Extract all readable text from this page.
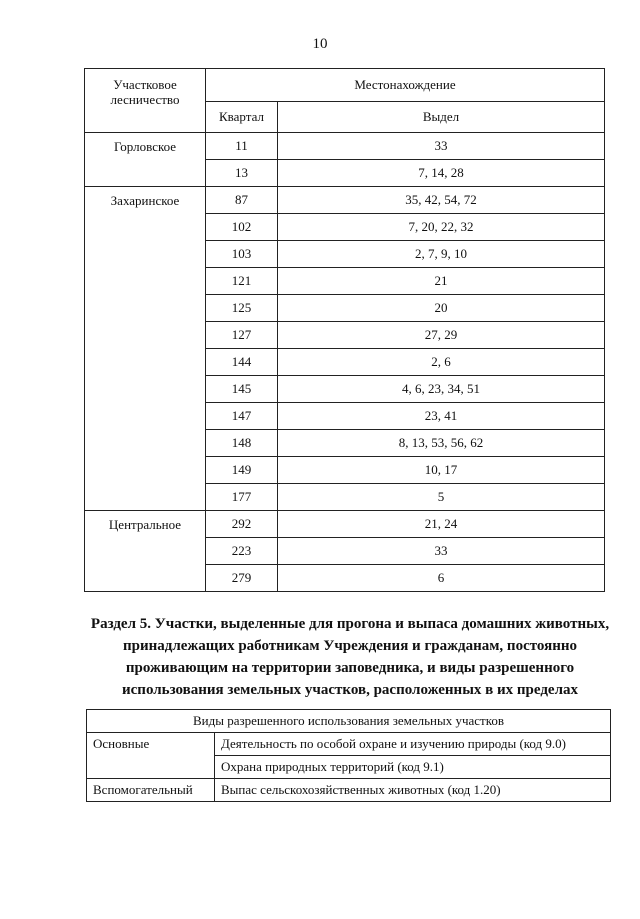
10
Участковое лесничество	Местонахождение	
	Квартал	Выдел
Горловское	11	33
	13	7, 14, 28
Захаринское	87	35, 42, 54, 72
	102	7, 20, 22, 32
	103	2, 7, 9, 10
	121	21
	125	20
	127	27, 29
	144	2, 6
	145	4, 6, 23, 34, 51
	147	23, 41
	148	8, 13, 53, 56, 62
	149	10, 17
	177	5
Центральное	292	21, 24
	223	33
	279	6
Раздел 5. Участки, выделенные для прогона и выпаса домашних животных,
принадлежащих работникам Учреждения и гражданам, постоянно
проживающим на территории заповедника, и виды разрешенного
использования земельных участков, расположенных в их пределах
Виды разрешенного использования земельных участков	
Основные	Деятельность по особой охране и изучению природы (код 9.0)
	Охрана природных территорий (код 9.1)
Вспомогательный	Выпас сельскохозяйственных животных (код 1.20)
